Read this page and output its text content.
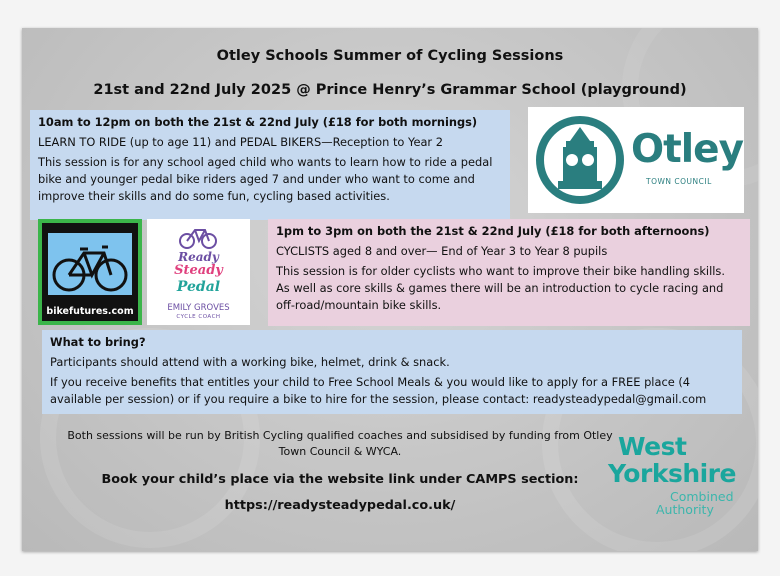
Otley Schools Summer of Cycling Sessions
21st and 22nd July 2025 @ Prince Henry’s Grammar School (playground)

10am to 12pm on both the 21st & 22nd July (£18 for both mornings)

LEARN TO RIDE (up to age 11) and PEDAL BIKERS—Reception to Year 2

This session is for any school aged child who wants to learn how to ride a pedal bike and younger pedal bike riders aged 7 and under who want to come and improve their skills and do some fun, cycling based activities.

Otley
TOWN COUNCIL
bikefutures.com
Ready
Steady
Pedal
EMILY GROVES
CYCLE COACH

1pm to 3pm on both the 21st & 22nd July (£18 for both afternoons)

CYCLISTS aged 8 and over— End of Year 3 to Year 8 pupils

This session is for older cyclists who want to improve their bike handling skills. As well as core skills & games there will be an introduction to cycle racing and off-road/mountain bike skills.

What to bring?

Participants should attend with a working bike, helmet, drink & snack.

If you receive benefits that entitles your child to Free School Meals & you would like to apply for a FREE place (4 available per session) or if you require a bike to hire for the session, please contact: readysteadypedal@gmail.com

Both sessions will be run by British Cycling qualified coaches and subsidised by funding from Otley Town Council & WYCA.
Book your child’s place via the website link under CAMPS section:
https://readysteadypedal.co.uk/
West
Yorkshire
Combined
Authority
